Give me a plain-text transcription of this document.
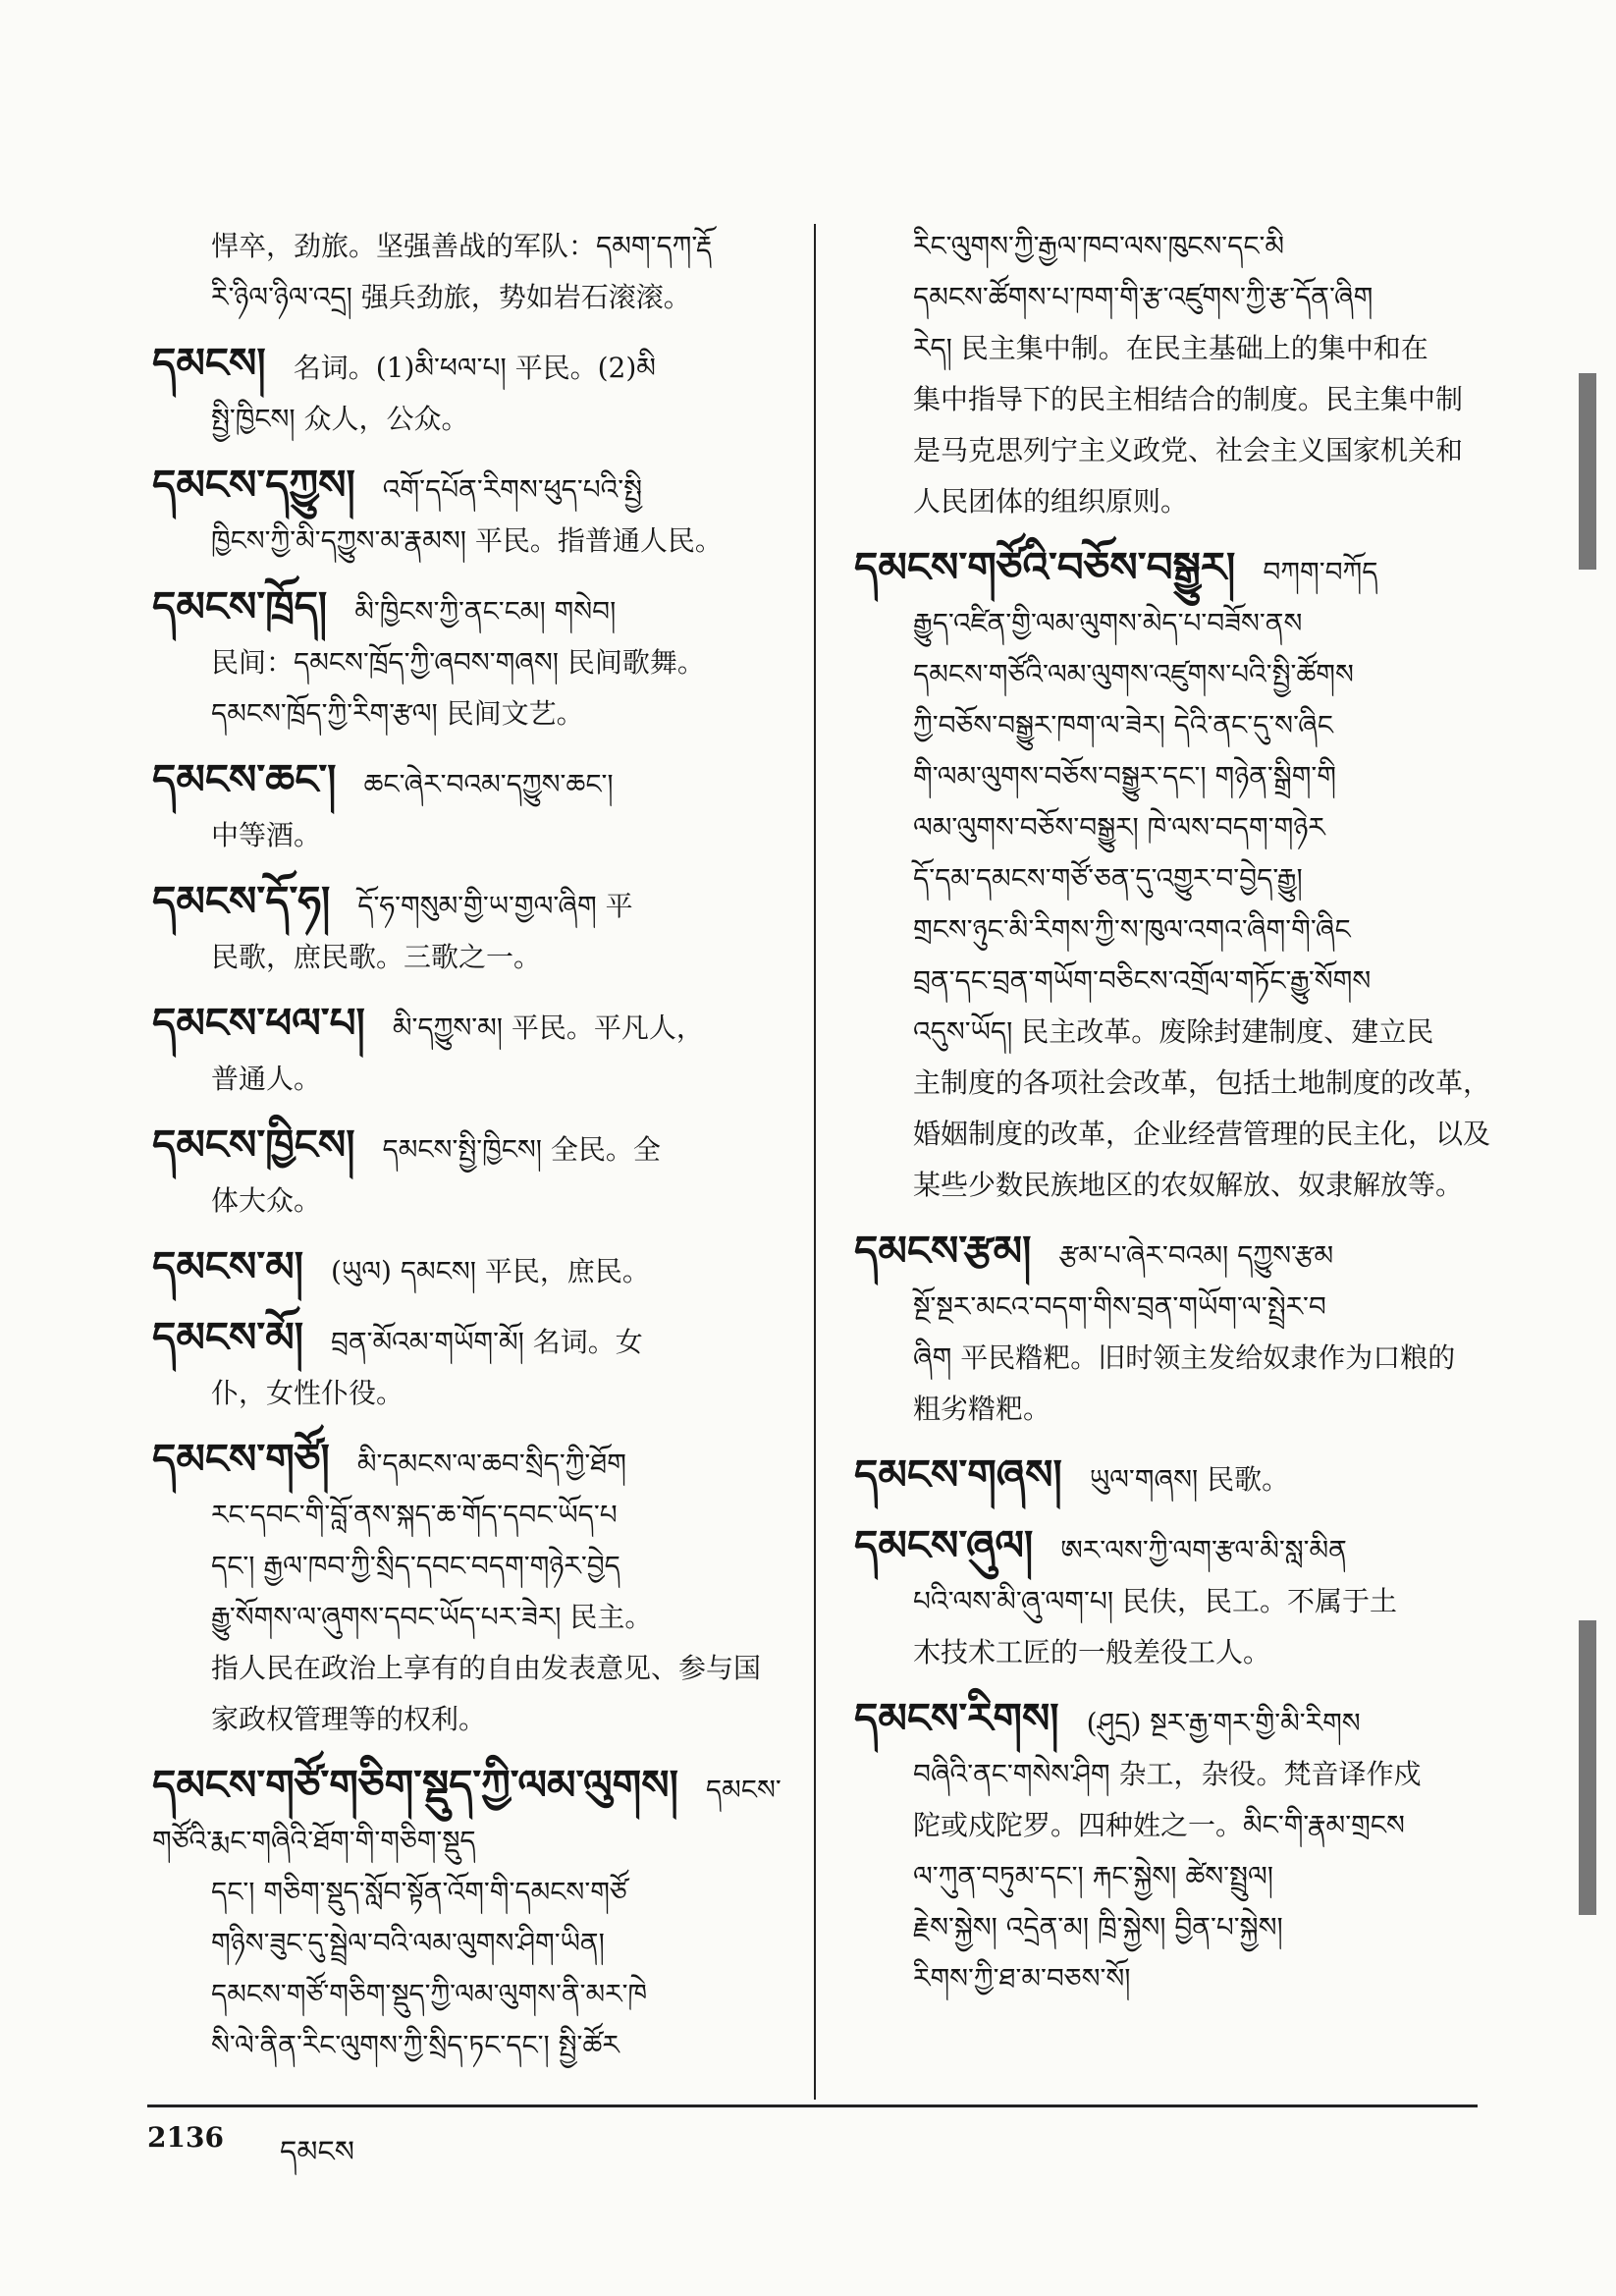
悍卒，劲旅。坚强善战的军队：དམག་དཀ་རྡོ
རི་ཉིལ་ཉིལ་འདྲ། 强兵劲旅，势如岩石滚滚。
དམངས། 名词。(1)མི་ཕལ་པ། 平民。(2)མི
སྤྱི་ཁྱིངས། 众人，公众。
དམངས་དཀྱུས། འགོ་དཔོན་རིགས་ཕུད་པའི་སྤྱི
ཁྱིངས་ཀྱི་མི་དཀྱུས་མ་རྣམས། 平民。指普通人民。
དམངས་ཁྲོད། མི་ཁྱིངས་ཀྱི་ནང་ངམ། གསེབ།
民间：དམངས་ཁྲོད་ཀྱི་ཞབས་གཞས། 民间歌舞。
དམངས་ཁྲོད་ཀྱི་རིག་རྩལ། 民间文艺。
དམངས་ཆང་། ཆང་ཞེར་བའམ་དཀྱུས་ཆང་།
中等酒。
དམངས་དོ་ཧ། དོ་ཧ་གསུམ་གྱི་ཡ་གྱལ་ཞིག 平
民歌，庶民歌。三歌之一。
དམངས་ཕལ་པ། མི་དཀྱུས་མ། 平民。平凡人，
普通人。
དམངས་ཁྱིངས། དམངས་སྤྱི་ཁྱིངས། 全民。全
体大众。
དམངས་མ། (ཡུལ) དམངས། 平民，庶民。
དམངས་མོ། བྲན་མོའམ་གཡོག་མོ། 名词。女
仆，女性仆役。
དམངས་གཙོ། མི་དམངས་ལ་ཆབ་སྲིད་ཀྱི་ཐོག
རང་དབང་གི་བློ་ནས་སྐད་ཆ་གོད་དབང་ཡོད་པ
དང་། རྒྱལ་ཁབ་ཀྱི་སྲིད་དབང་བདག་གཉེར་བྱེད
རྒྱུ་སོགས་ལ་ཞུགས་དབང་ཡོད་པར་ཟེར། 民主。
指人民在政治上享有的自由发表意见、参与国
家政权管理等的权利。
དམངས་གཙོ་གཅིག་སྡུད་ཀྱི་ལམ་ལུགས། དམངས་གཙོའི་རྨང་གཞིའི་ཐོག་གི་གཅིག་སྡུད
དང་། གཅིག་སྡུད་སློབ་སྟོན་འོག་གི་དམངས་གཙོ
གཉིས་ཟུང་དུ་སྦྲེལ་བའི་ལམ་ལུགས་ཤིག་ཡིན།
དམངས་གཙོ་གཅིག་སྡུད་ཀྱི་ལམ་ལུགས་ནི་མར་ཁེ
སི་ལེ་ནིན་རིང་ལུགས་ཀྱི་སྲིད་ཏང་དང་། སྤྱི་ཚོར
རིང་ལུགས་ཀྱི་རྒྱལ་ཁབ་ལས་ཁུངས་དང་མི
དམངས་ཚོགས་པ་ཁག་གི་རྩ་འཛུགས་ཀྱི་རྩ་དོན་ཞིག
རེད། 民主集中制。在民主基础上的集中和在
集中指导下的民主相结合的制度。民主集中制
是马克思列宁主义政党、社会主义国家机关和
人民团体的组织原则。
དམངས་གཙོའི་བཅོས་བསྒྱུར། བཀག་བཀོད
རྒྱུད་འཛིན་གྱི་ལམ་ལུགས་མེད་པ་བཟོས་ནས
དམངས་གཙོའི་ལམ་ལུགས་འཛུགས་པའི་སྤྱི་ཚོགས
ཀྱི་བཅོས་བསྒྱུར་ཁག་ལ་ཟེར། དེའི་ནང་དུ་ས་ཞིང
གི་ལམ་ལུགས་བཅོས་བསྒྱུར་དང་། གཉེན་སྒྲིག་གི
ལམ་ལུགས་བཅོས་བསྒྱུར། ཁེ་ལས་བདག་གཉེར
དོ་དམ་དམངས་གཙོ་ཅན་དུ་འགྱུར་བ་བྱེད་རྒྱུ།
གྲངས་ཉུང་མི་རིགས་ཀྱི་ས་ཁུལ་འགའ་ཞིག་གི་ཞིང
བྲན་དང་བྲན་གཡོག་བཅིངས་འགྲོལ་གཏོང་རྒྱུ་སོགས
འདུས་ཡོད། 民主改革。废除封建制度、建立民
主制度的各项社会改革，包括土地制度的改革，
婚姻制度的改革，企业经营管理的民主化，以及
某些少数民族地区的农奴解放、奴隶解放等。
དམངས་རྩམ། རྩམ་པ་ཞེར་བའམ། དཀྱུས་རྩམ
སྔོ་སྔར་མངའ་བདག་གིས་བྲན་གཡོག་ལ་སྤྲེར་བ
ཞིག 平民糌粑。旧时领主发给奴隶作为口粮的
粗劣糌粑。
དམངས་གཞས། ཡུལ་གཞས། 民歌。
དམངས་ཞུལ། ཨར་ལས་ཀྱི་ལག་རྩལ་མི་སླ་མིན
པའི་ལས་མི་ཞུ་ལག་པ། 民伕，民工。不属于土
木技术工匠的一般差役工人。
དམངས་རིགས། (ཤུདྲ) སྔར་རྒྱ་གར་གྱི་མི་རིགས
བཞིའི་ནང་གསེས་ཤིག 杂工，杂役。梵音译作戍
陀或戍陀罗。四种姓之一。མིང་གི་རྣམ་གྲངས
ལ་ཀུན་བཏུམ་དང་། རྐང་སྐྱེས། ཚེས་སྤྲུལ།
རྗེས་སྐྱེས། འདྲེན་མ། ཁྲི་སྐྱེས། བྱིན་པ་སྐྱེས།
རིགས་ཀྱི་ཐ་མ་བཅས་སོ།
2136 དམངས
